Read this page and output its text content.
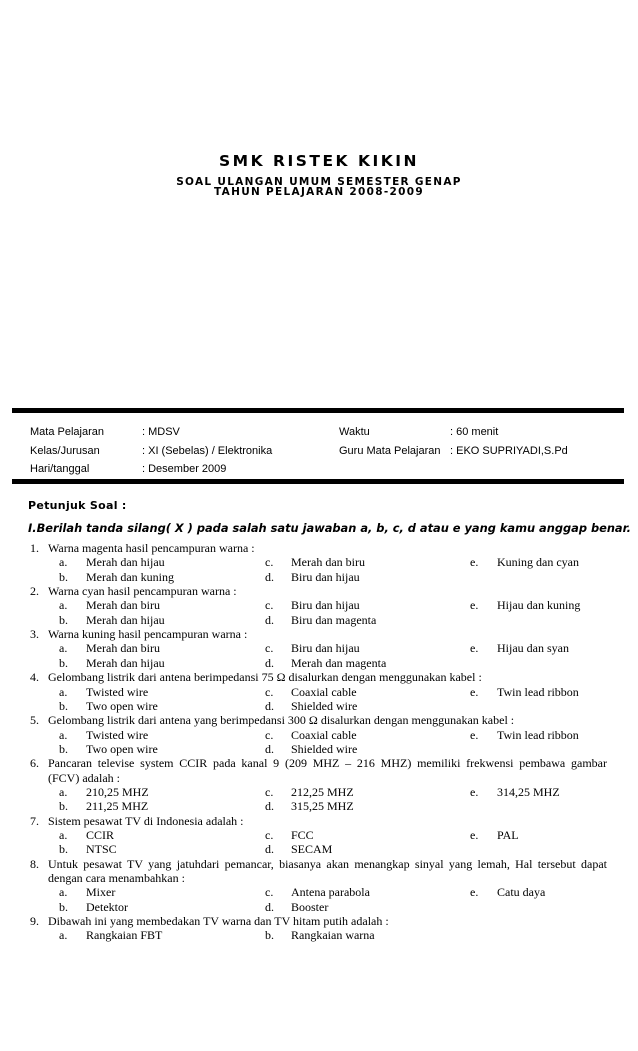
SMK RISTEK KIKIN
SOAL ULANGAN UMUM SEMESTER GENAP
TAHUN PELAJARAN 2008-2009
Mata Pelajaran	: MDSV	Waktu	: 60 menit
Kelas/Jurusan	: XI (Sebelas) / Elektronika	Guru Mata Pelajaran : EKO SUPRIYADI,S.Pd
Hari/tanggal	: Desember 2009
Petunjuk Soal :
I.Berilah tanda silang( X ) pada salah satu jawaban a, b, c, d atau e yang kamu anggap benar.
1. Warna magenta hasil pencampuran warna :
a. Merah dan hijau	c. Merah dan biru	e. Kuning dan cyan
b. Merah dan kuning	d. Biru dan hijau
2. Warna cyan hasil pencampuran warna :
a. Merah dan biru	c. Biru dan hijau	e. Hijau dan kuning
b. Merah dan hijau	d. Biru dan magenta
3. Warna kuning hasil pencampuran warna :
a. Merah dan biru	c. Biru dan hijau	e. Hijau dan syan
b. Merah dan hijau	d. Merah dan magenta
4. Gelombang listrik dari antena berimpedansi 75 Ω disalurkan dengan menggunakan kabel :
a. Twisted wire	c. Coaxial cable	e. Twin lead ribbon
b. Two open wire	d. Shielded wire
5. Gelombang listrik dari antena yang berimpedansi 300 Ω disalurkan dengan menggunakan kabel :
a. Twisted wire	c. Coaxial cable	e. Twin lead ribbon
b. Two open wire	d. Shielded wire
6. Pancaran televise system CCIR pada kanal 9 (209 MHZ – 216 MHZ) memiliki frekwensi pembawa gambar
(FCV) adalah :
a. 210,25 MHZ	c. 212,25 MHZ	e. 314,25 MHZ
b. 211,25 MHZ	d. 315,25 MHZ
7. Sistem pesawat TV di Indonesia adalah :
a. CCIR	c. FCC	e. PAL
b. NTSC	d. SECAM
8. Untuk pesawat TV yang jatuhdari pemancar, biasanya akan menangkap sinyal yang lemah, Hal tersebut dapat
dengan cara menambahkan :
a. Mixer	c. Antena parabola	e. Catu daya
b. Detektor	d. Booster
9. Dibawah ini yang membedakan TV warna dan TV hitam putih adalah :
a. Rangkaian FBT	b. Rangkaian warna
